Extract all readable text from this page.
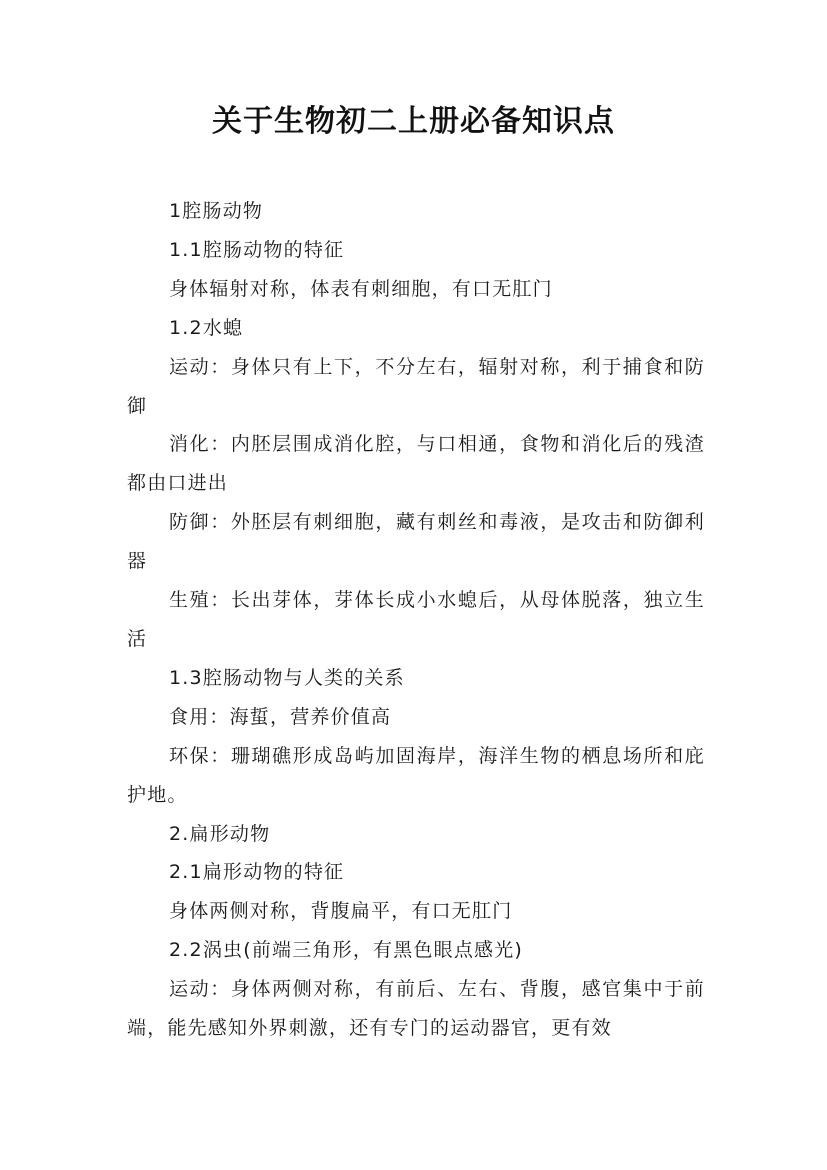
关于生物初二上册必备知识点

1腔肠动物

1.1腔肠动物的特征

身体辐射对称，体表有刺细胞，有口无肛门

1.2水螅

运动：身体只有上下，不分左右，辐射对称，利于捕食和防御

消化：内胚层围成消化腔，与口相通，食物和消化后的残渣都由口进出

防御：外胚层有刺细胞，藏有刺丝和毒液，是攻击和防御利器

生殖：长出芽体，芽体长成小水螅后，从母体脱落，独立生活

1.3腔肠动物与人类的关系

食用：海蜇，营养价值高

环保：珊瑚礁形成岛屿加固海岸，海洋生物的栖息场所和庇护地。

2.扁形动物

2.1扁形动物的特征

身体两侧对称，背腹扁平，有口无肛门

2.2涡虫(前端三角形，有黑色眼点感光)

运动：身体两侧对称，有前后、左右、背腹，感官集中于前端，能先感知外界刺激，还有专门的运动器官，更有效
